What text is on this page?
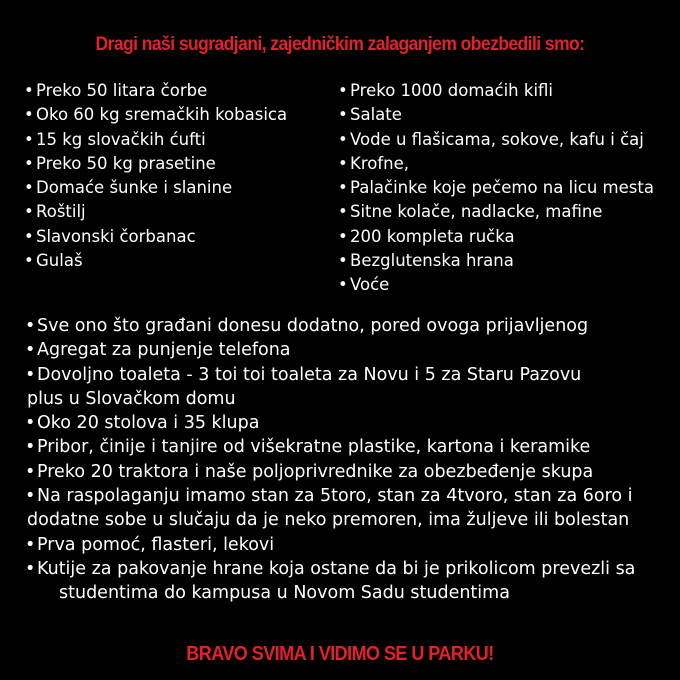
Dragi naši sugradjani, zajedničkim zalaganjem obezbedili smo:
• Preko 50 litara čorbe
• Oko 60 kg sremačkih kobasica
• 15 kg slovačkih ćufti
• Preko 50 kg prasetine
• Domaće šunke i slanine
• Roštilj
• Slavonski čorbanac
• Gulaš
• Preko 1000 domaćih kifli
• Salate
• Vode u flašicama, sokove, kafu i čaj
• Krofne,
• Palačinke koje pečemo na licu mesta
• Sitne kolače, nadlacke, mafine
• 200 kompleta ručka
• Bezglutenska hrana
• Voće
• Sve ono što građani donesu dodatno, pored ovoga prijavljenog
• Agregat za punjenje telefona
• Dovoljno toaleta - 3 toi toi toaleta za Novu i 5 za Staru Pazovu
plus u Slovačkom domu
• Oko 20 stolova i 35 klupa
• Pribor, činije i tanjire od višekratne plastike, kartona i keramike
• Preko 20 traktora i naše poljoprivrednike za obezbeđenje skupa
• Na raspolaganju imamo stan za 5toro, stan za 4tvoro, stan za 6oro i
dodatne sobe u slučaju da je neko premoren, ima žuljeve ili bolestan
• Prva pomoć, flasteri, lekovi
• Kutije za pakovanje hrane koja ostane da bi je prikolicom prevezli sa
studentima do kampusa u Novom Sadu studentima
BRAVO SVIMA I VIDIMO SE U PARKU!
